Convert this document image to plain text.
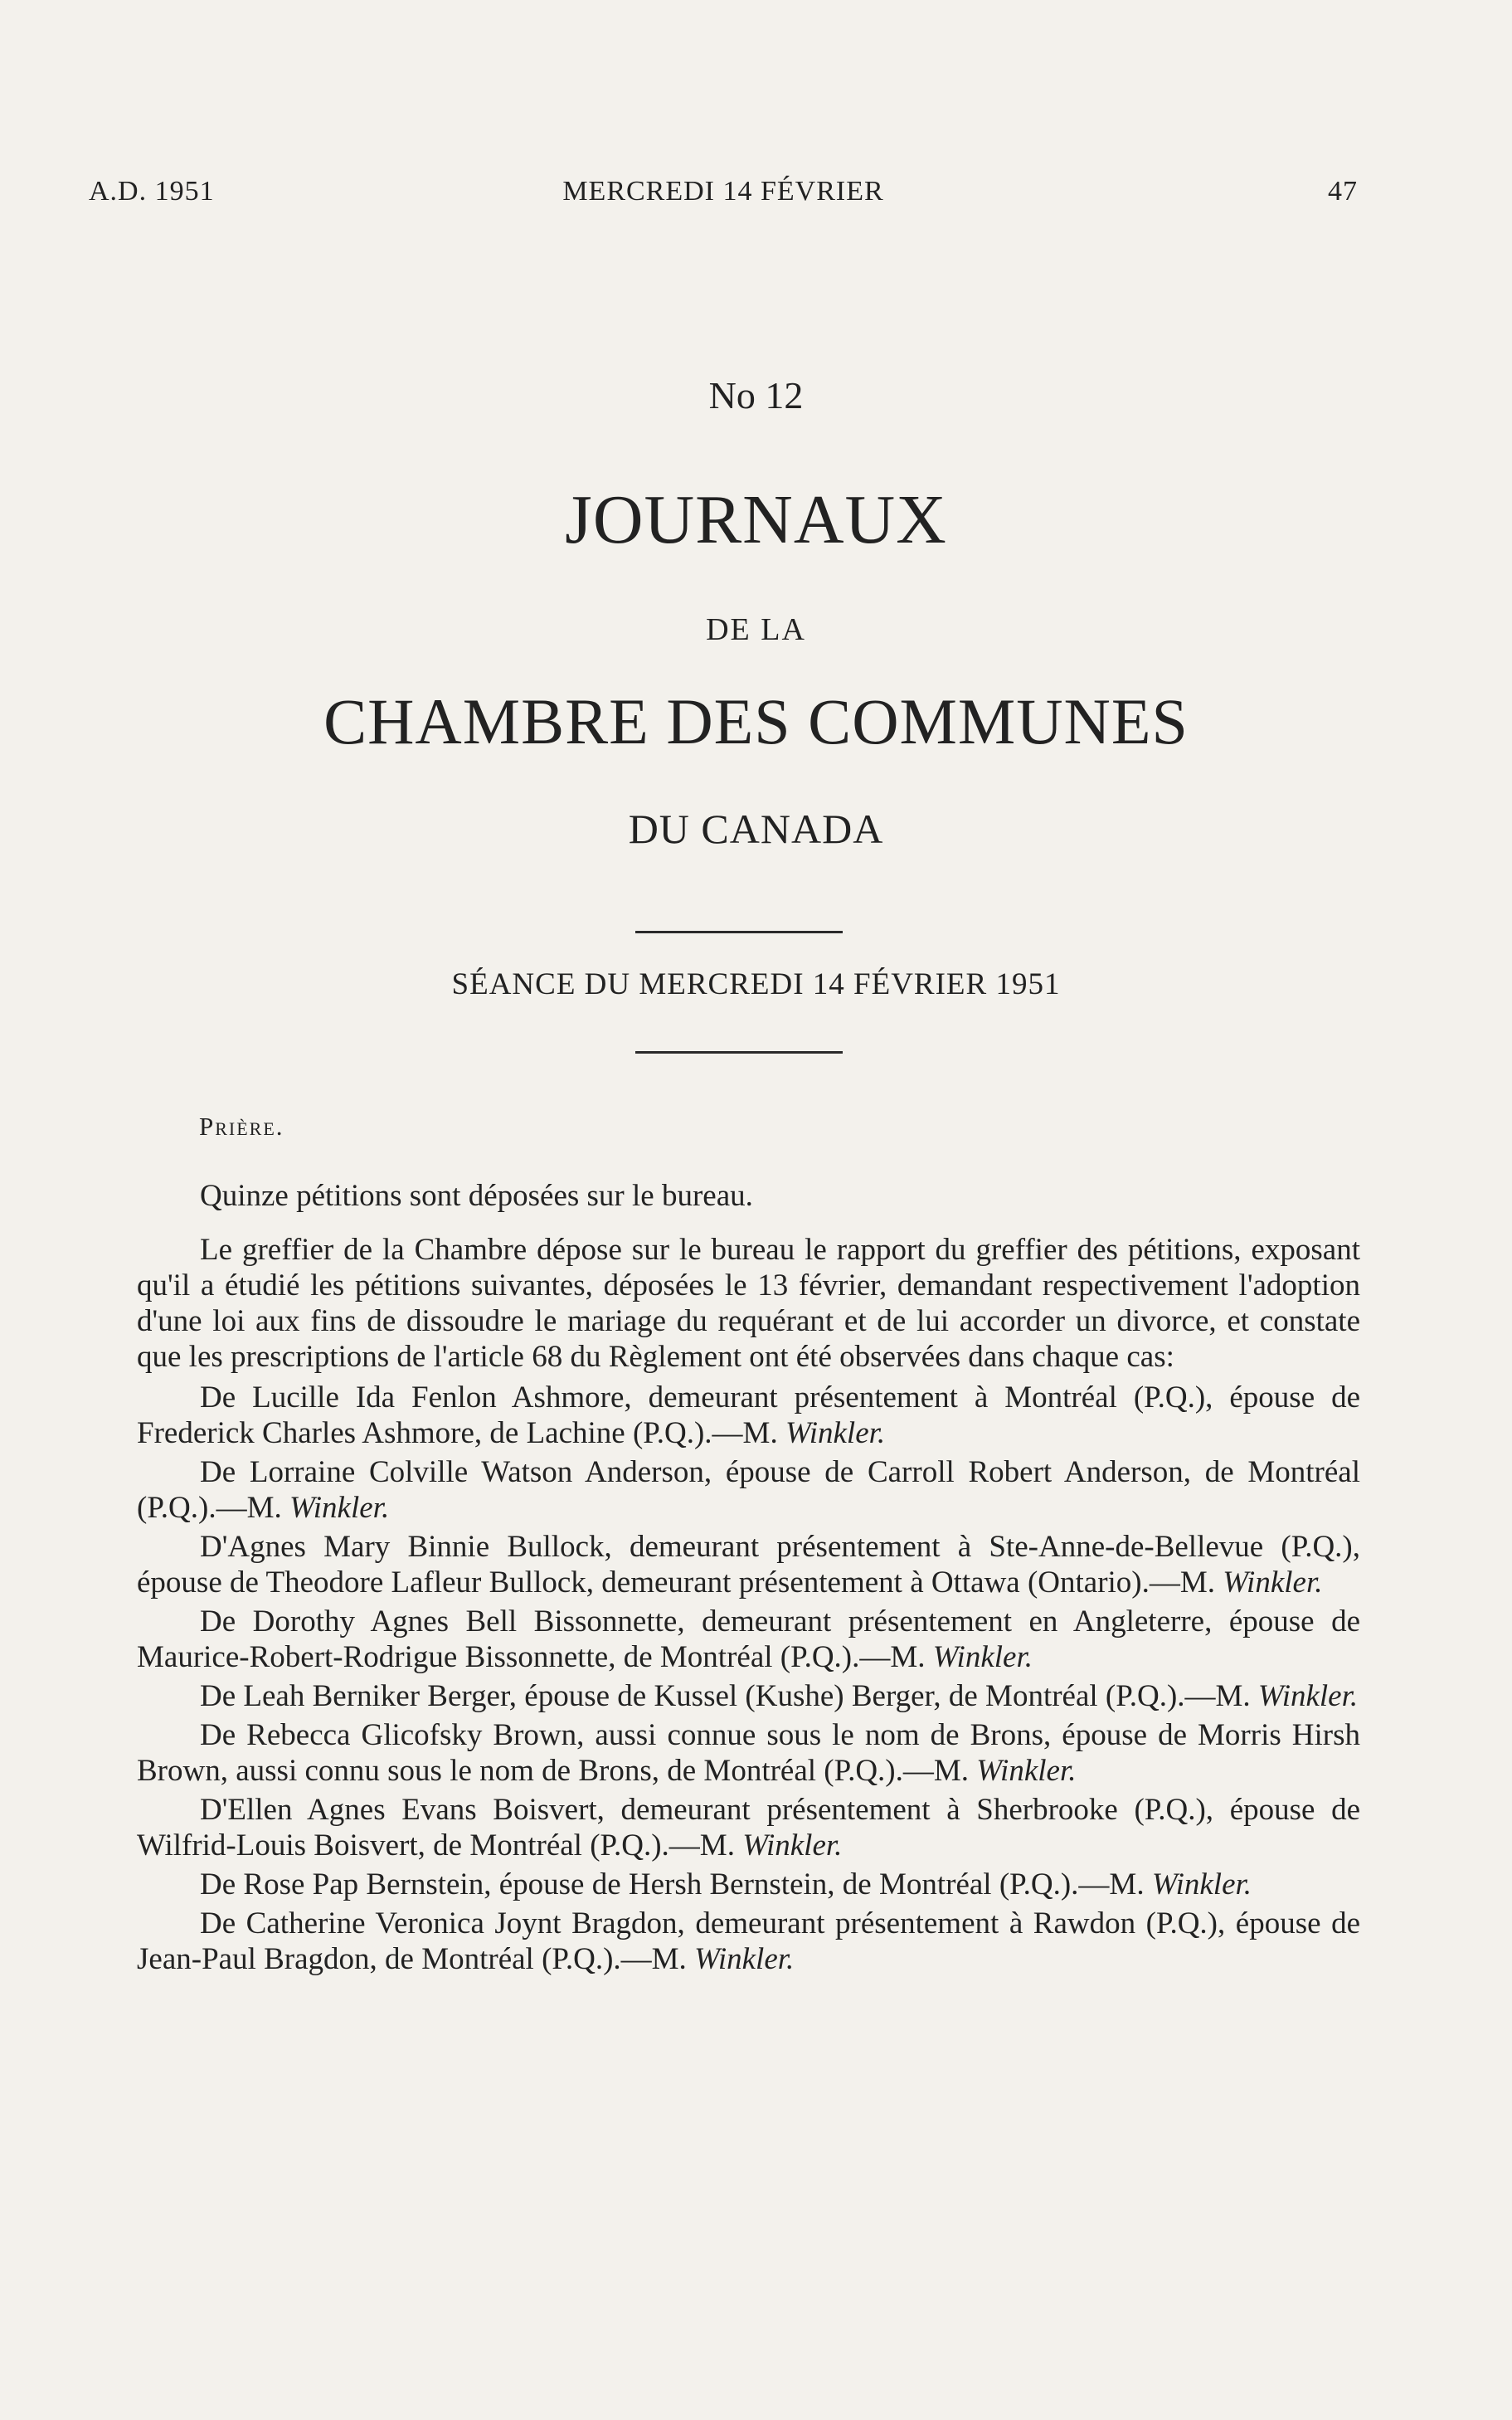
A.D. 1951	MERCREDI 14 FÉVRIER	47
No 12
JOURNAUX
DE LA
CHAMBRE DES COMMUNES
DU CANADA
SÉANCE DU MERCREDI 14 FÉVRIER 1951
Prière.

Quinze pétitions sont déposées sur le bureau.

Le greffier de la Chambre dépose sur le bureau le rapport du greffier des pétitions, exposant qu'il a étudié les pétitions suivantes, déposées le 13 février, demandant respectivement l'adoption d'une loi aux fins de dissoudre le mariage du requérant et de lui accorder un divorce, et constate que les prescriptions de l'article 68 du Règlement ont été observées dans chaque cas:

De Lucille Ida Fenlon Ashmore, demeurant présentement à Montréal (P.Q.), épouse de Frederick Charles Ashmore, de Lachine (P.Q.).—M. Winkler.

De Lorraine Colville Watson Anderson, épouse de Carroll Robert Anderson, de Montréal (P.Q.).—M. Winkler.

D'Agnes Mary Binnie Bullock, demeurant présentement à Ste-Anne-de-Bellevue (P.Q.), épouse de Theodore Lafleur Bullock, demeurant présentement à Ottawa (Ontario).—M. Winkler.

De Dorothy Agnes Bell Bissonnette, demeurant présentement en Angleterre, épouse de Maurice-Robert-Rodrigue Bissonnette, de Montréal (P.Q.).—M. Winkler.

De Leah Berniker Berger, épouse de Kussel (Kushe) Berger, de Montréal (P.Q.).—M. Winkler.

De Rebecca Glicofsky Brown, aussi connue sous le nom de Brons, épouse de Morris Hirsh Brown, aussi connu sous le nom de Brons, de Montréal (P.Q.).—M. Winkler.

D'Ellen Agnes Evans Boisvert, demeurant présentement à Sherbrooke (P.Q.), épouse de Wilfrid-Louis Boisvert, de Montréal (P.Q.).—M. Winkler.

De Rose Pap Bernstein, épouse de Hersh Bernstein, de Montréal (P.Q.).—M. Winkler.

De Catherine Veronica Joynt Bragdon, demeurant présentement à Rawdon (P.Q.), épouse de Jean-Paul Bragdon, de Montréal (P.Q.).—M. Winkler.
